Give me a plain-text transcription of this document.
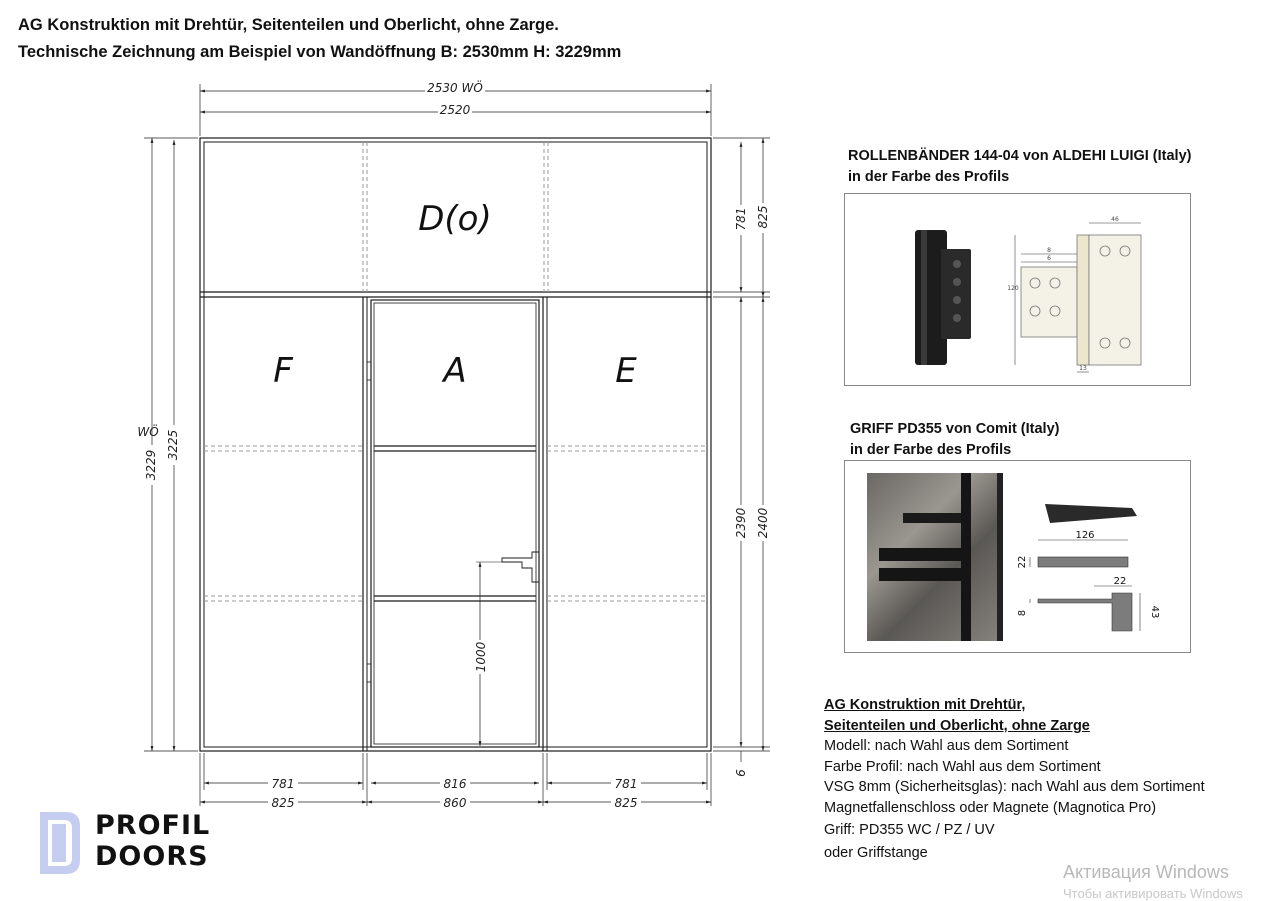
AG Konstruktion mit Drehtür, Seitenteilen und Oberlicht, ohne Zarge.
Technische Zeichnung am Beispiel von Wandöffnung B: 2530mm H: 3229mm
2530 WÖ
2520
WÖ
3229
3225
781 825
2390 2400
6
1000
781	816	781
825	860	825
D(o)
F	A	E
ROLLENBÄNDER 144-04 von ALDEHI LUIGI (Italy)
in der Farbe des Profils
46
8
6
120
13
GRIFF PD355 von Comit (Italy)
in der Farbe des Profils
126
22
22
8	43
AG Konstruktion mit Drehtür,
Seitenteilen und Oberlicht, ohne Zarge
Modell: nach Wahl aus dem Sortiment
Farbe Profil: nach Wahl aus dem Sortiment
VSG 8mm (Sicherheitsglas): nach Wahl aus dem Sortiment
Magnetfallenschloss oder Magnete (Magnotica Pro)
Griff: PD355 WC / PZ / UV
oder Griffstange
PROFIL
DOORS	Активация Windows
Чтобы активировать Windows
